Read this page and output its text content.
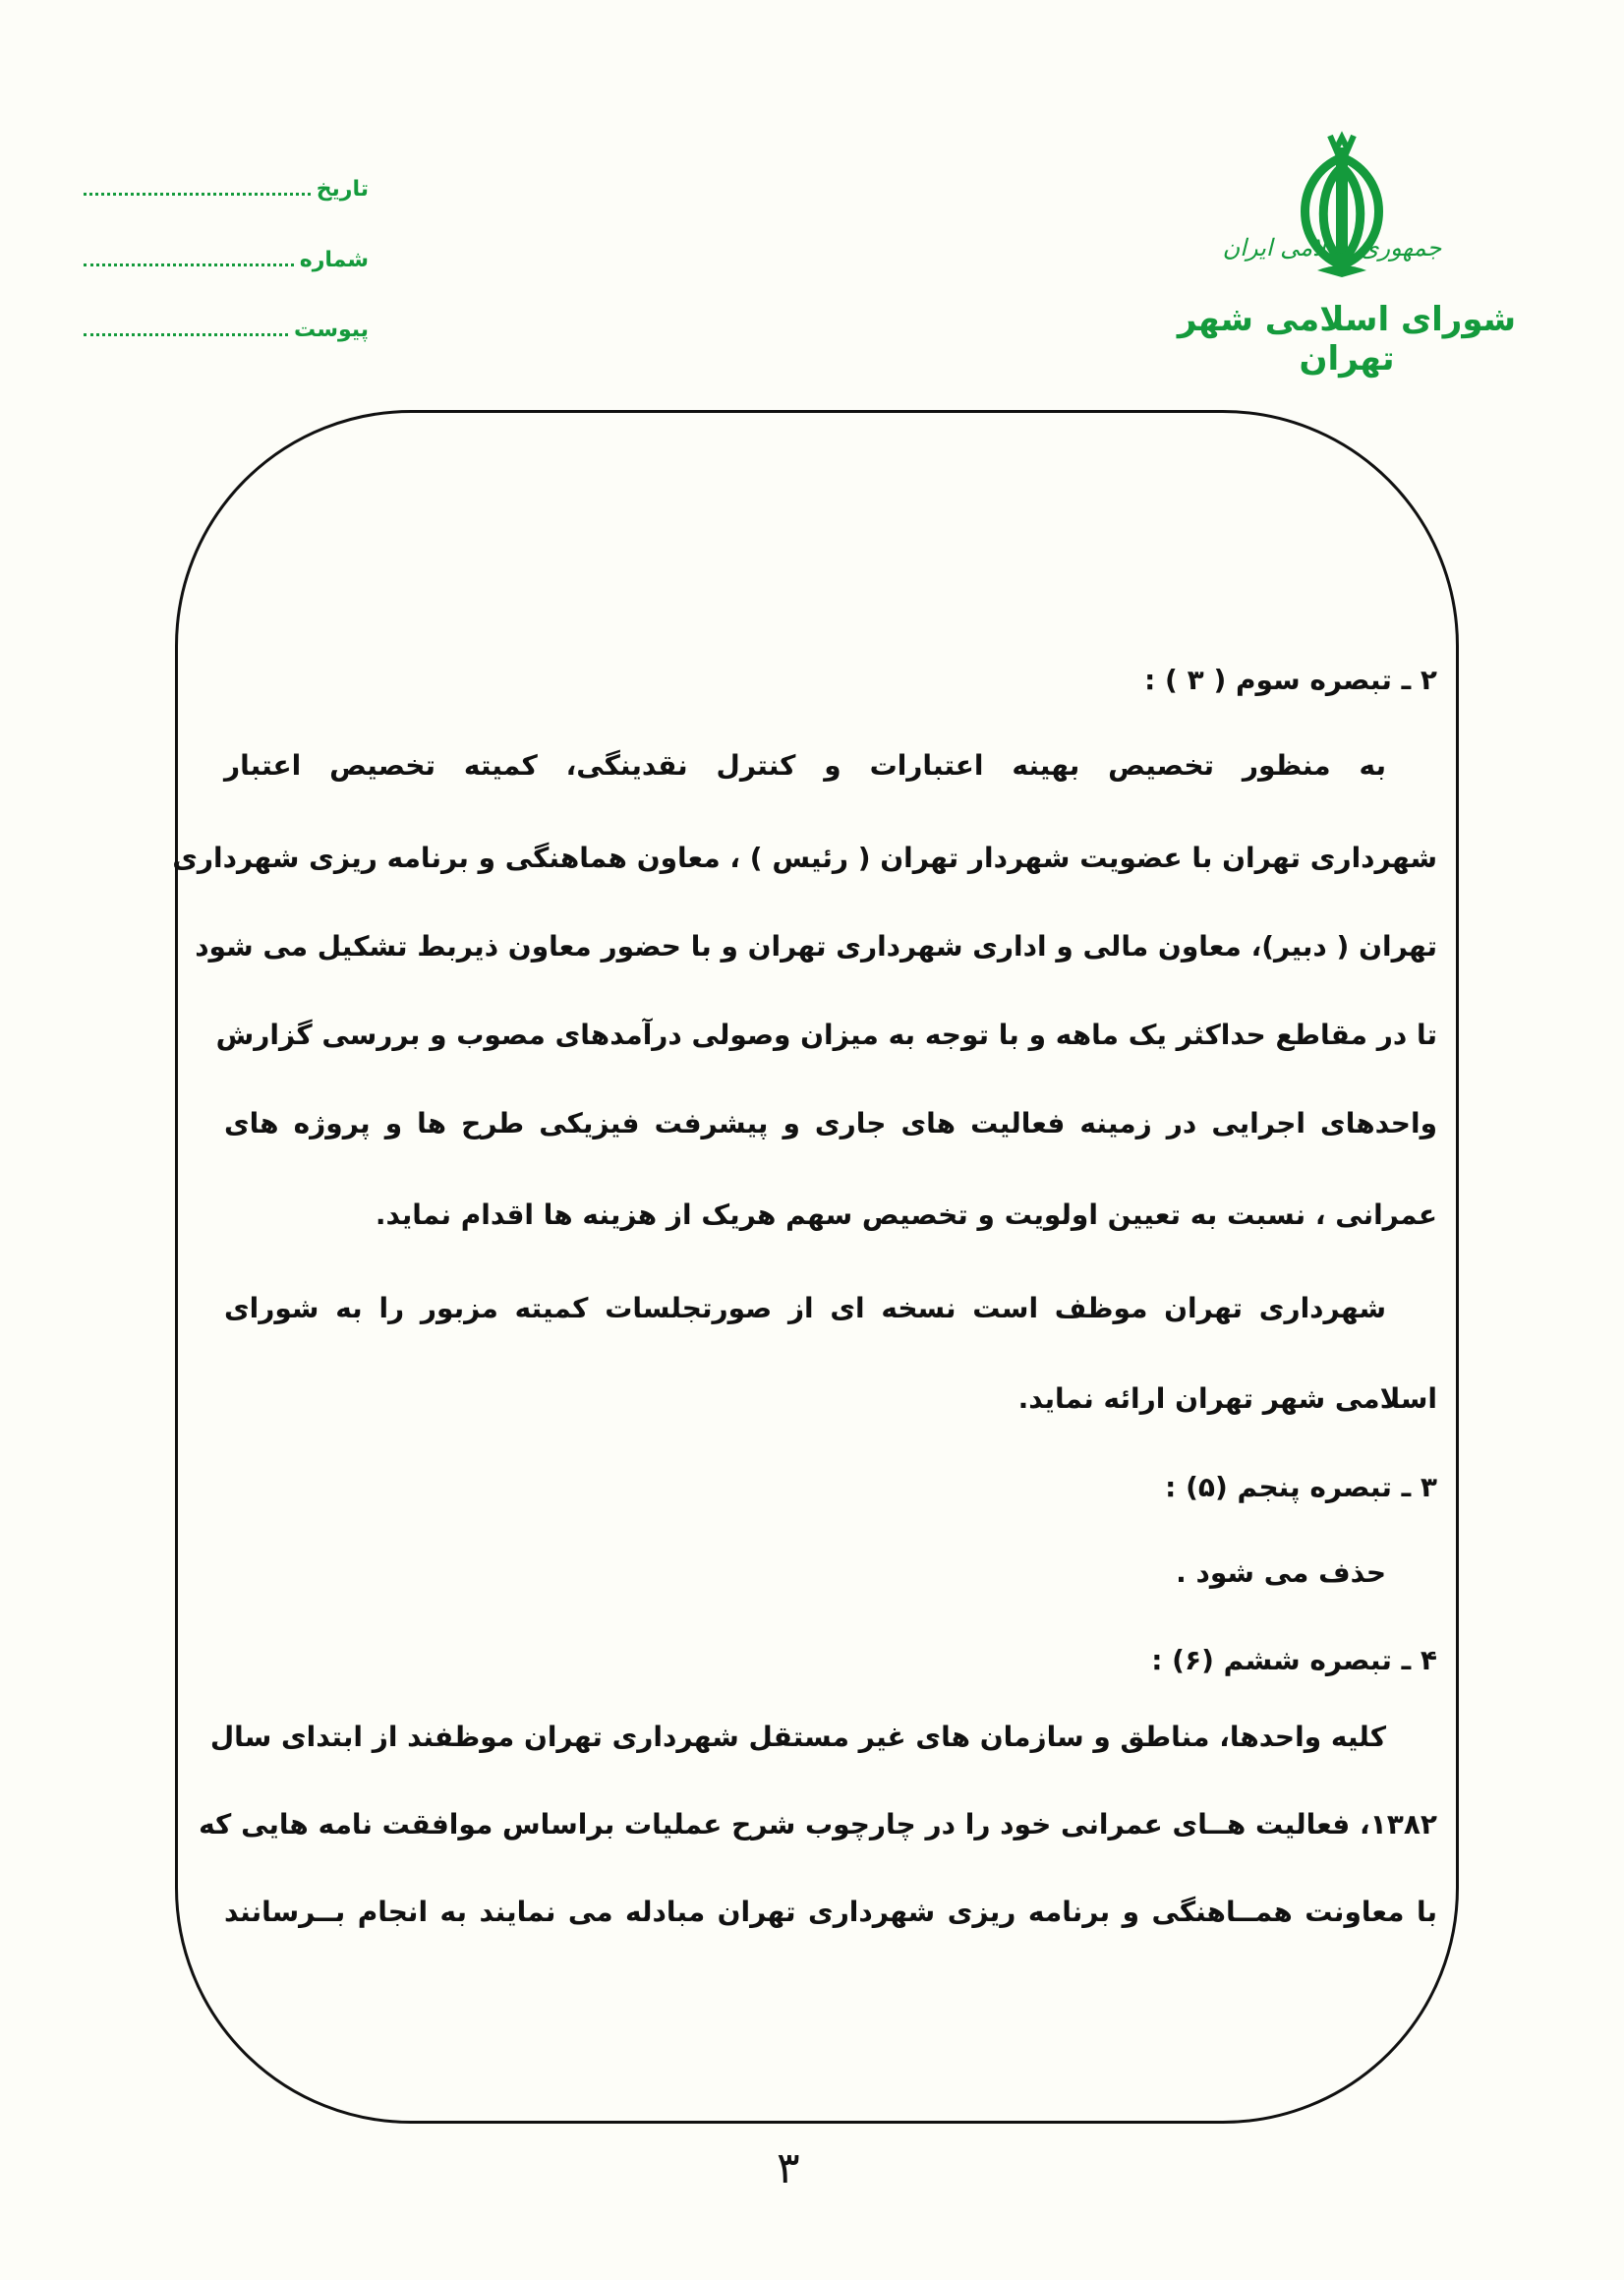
جمهوری اسلامی ایران
شورای اسلامی شهر تهران
تاریخ
شماره
پیوست
۲ ـ تبصره سوم ( ۳ ) :
به منظور تخصیص بهینه اعتبارات و کنترل نقدینگی، کمیته تخصیص اعتبار
شهرداری تهران با عضویت شهردار تهران ( رئیس ) ، معاون هماهنگی و برنامه ریزی شهرداری
تهران ( دبیر)، معاون مالی و اداری شهرداری تهران و با حضور معاون ذیربط تشکیل می شود
تا در مقاطع حداکثر یک ماهه و با توجه به میزان وصولی درآمدهای مصوب و بررسی گزارش
واحدهای اجرایی در زمینه فعالیت های جاری و پیشرفت فیزیکی طرح ها و پروژه های
عمرانی ، نسبت به تعیین اولویت و تخصیص سهم هریک از هزینه ها اقدام نماید.
شهرداری تهران موظف است نسخه ای از صورتجلسات کمیته مزبور را به شورای
اسلامی شهر تهران ارائه نماید.
۳ ـ تبصره پنجم (۵) :
حذف می شود .
۴ ـ تبصره ششم (۶) :
کلیه واحدها، مناطق و سازمان های غیر مستقل شهرداری تهران موظفند از ابتدای سال
۱۳۸۲، فعالیت هــای عمرانی خود را در چارچوب شرح عملیات براساس موافقت نامه هایی که
با معاونت همــاهنگی و برنامه ریزی شهرداری تهران مبادله می نمایند به انجام بــرسانند
۳
